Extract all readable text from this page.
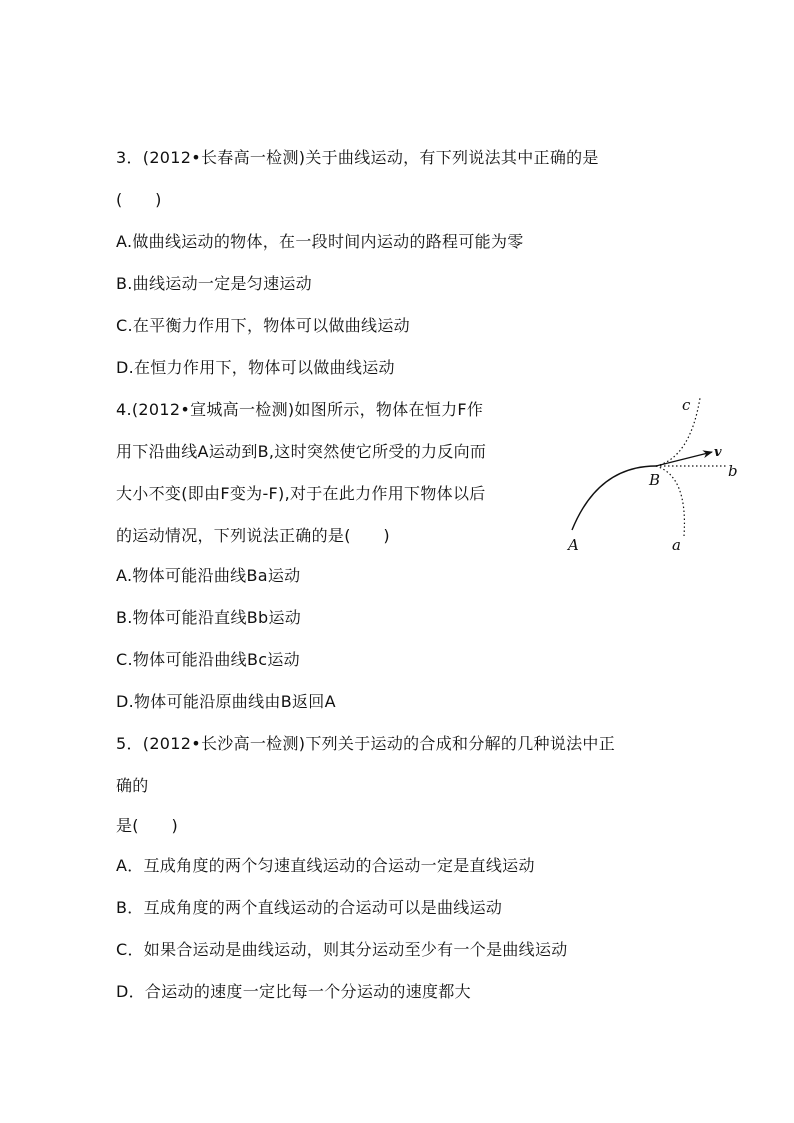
3．(2012•长春高一检测)关于曲线运动，有下列说法其中正确的是
(　　)
A.做曲线运动的物体，在一段时间内运动的路程可能为零
B.曲线运动一定是匀速运动
C.在平衡力作用下，物体可以做曲线运动
D.在恒力作用下，物体可以做曲线运动
4.(2012•宣城高一检测)如图所示，物体在恒力F作
用下沿曲线A运动到B,这时突然使它所受的力反向而
大小不变(即由F变为-F),对于在此力作用下物体以后
的运动情况，下列说法正确的是(　　)
A.物体可能沿曲线Ba运动
B.物体可能沿直线Bb运动
C.物体可能沿曲线Bc运动
D.物体可能沿原曲线由B返回A
c
v
b
B
A	a
5．(2012•长沙高一检测)下列关于运动的合成和分解的几种说法中正
确的
是(　　)
A．互成角度的两个匀速直线运动的合运动一定是直线运动
B．互成角度的两个直线运动的合运动可以是曲线运动
C．如果合运动是曲线运动，则其分运动至少有一个是曲线运动
D．合运动的速度一定比每一个分运动的速度都大
